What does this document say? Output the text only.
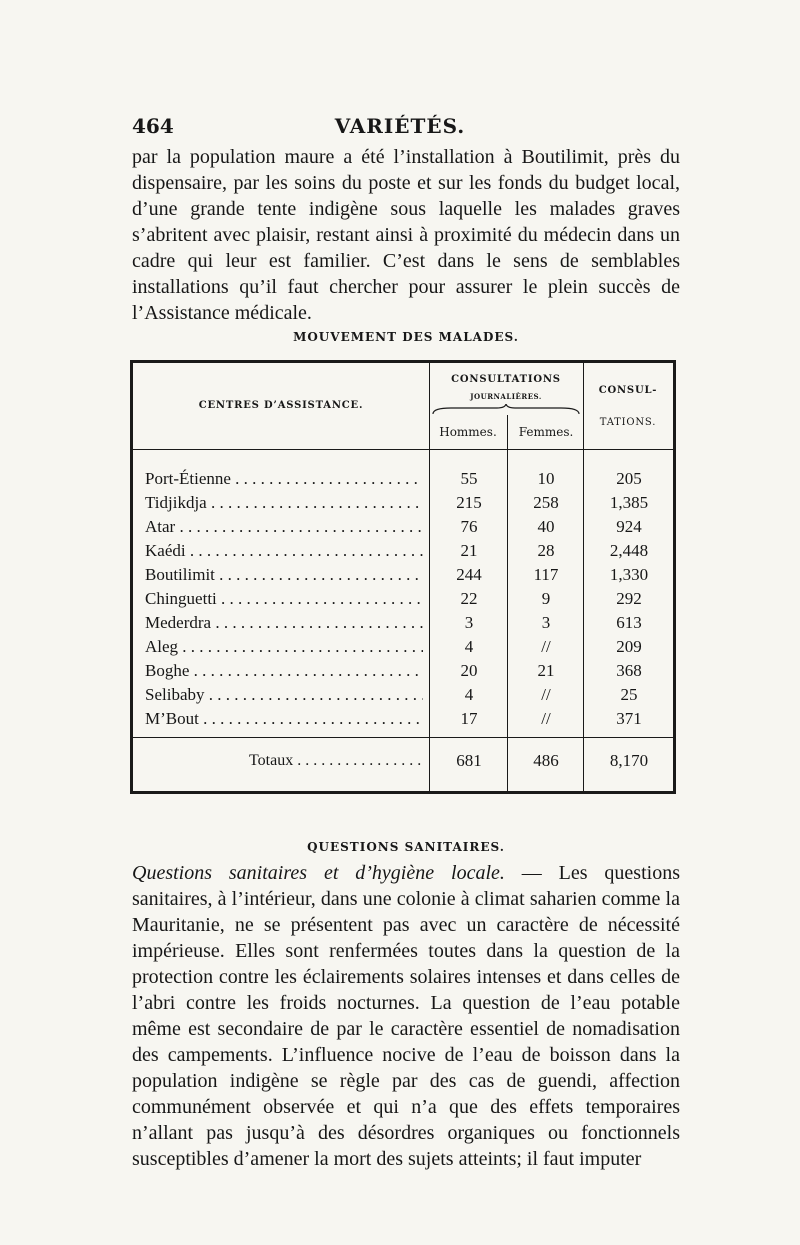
464	VARIÉTÉS.
par la population maure a été l’installation à Boutilimit, près du dispensaire, par les soins du poste et sur les fonds du budget local, d’une grande tente indigène sous laquelle les malades graves s’abritent avec plaisir, restant ainsi à proximité du médecin dans un cadre qui leur est familier. C’est dans le sens de semblables installations qu’il faut chercher pour assurer le plein succès de l’Assistance médicale.
MOUVEMENT DES MALADES.
CENTRES D’ASSISTANCE.
CONSULTATIONS
JOURNALIÈRES.
Hommes.	Femmes.
CONSUL-
TATIONS.
Port-Étienne . . .	55	10	205
Tidjikdja . . .	215	258	1,385
Atar . . .	76	40	924
Kaédi . . .	21	28	2,448
Boutilimit . . .	244	117	1,330
Chinguetti . . .	22	9	292
Mederdra . . .	3	3	613
Aleg . . .	4	//	209
Boghe . . .	20	21	368
Selibaby . . .	4	//	25
M’Bout . . .	17	//	371
Totaux . . .	681	486	8,170
QUESTIONS SANITAIRES.
Questions sanitaires et d’hygiène locale. — Les questions sanitaires, à l’intérieur, dans une colonie à climat saharien comme la Mauritanie, ne se présentent pas avec un caractère de nécessité impérieuse. Elles sont renfermées toutes dans la question de la protection contre les éclairements solaires intenses et dans celles de l’abri contre les froids nocturnes. La question de l’eau potable même est secondaire de par le caractère essentiel de nomadisation des campements. L’influence nocive de l’eau de boisson dans la population indigène se règle par des cas de guendi, affection communément observée et qui n’a que des effets temporaires n’allant pas jusqu’à des désordres organiques ou fonctionnels susceptibles d’amener la mort des sujets atteints; il faut imputer
